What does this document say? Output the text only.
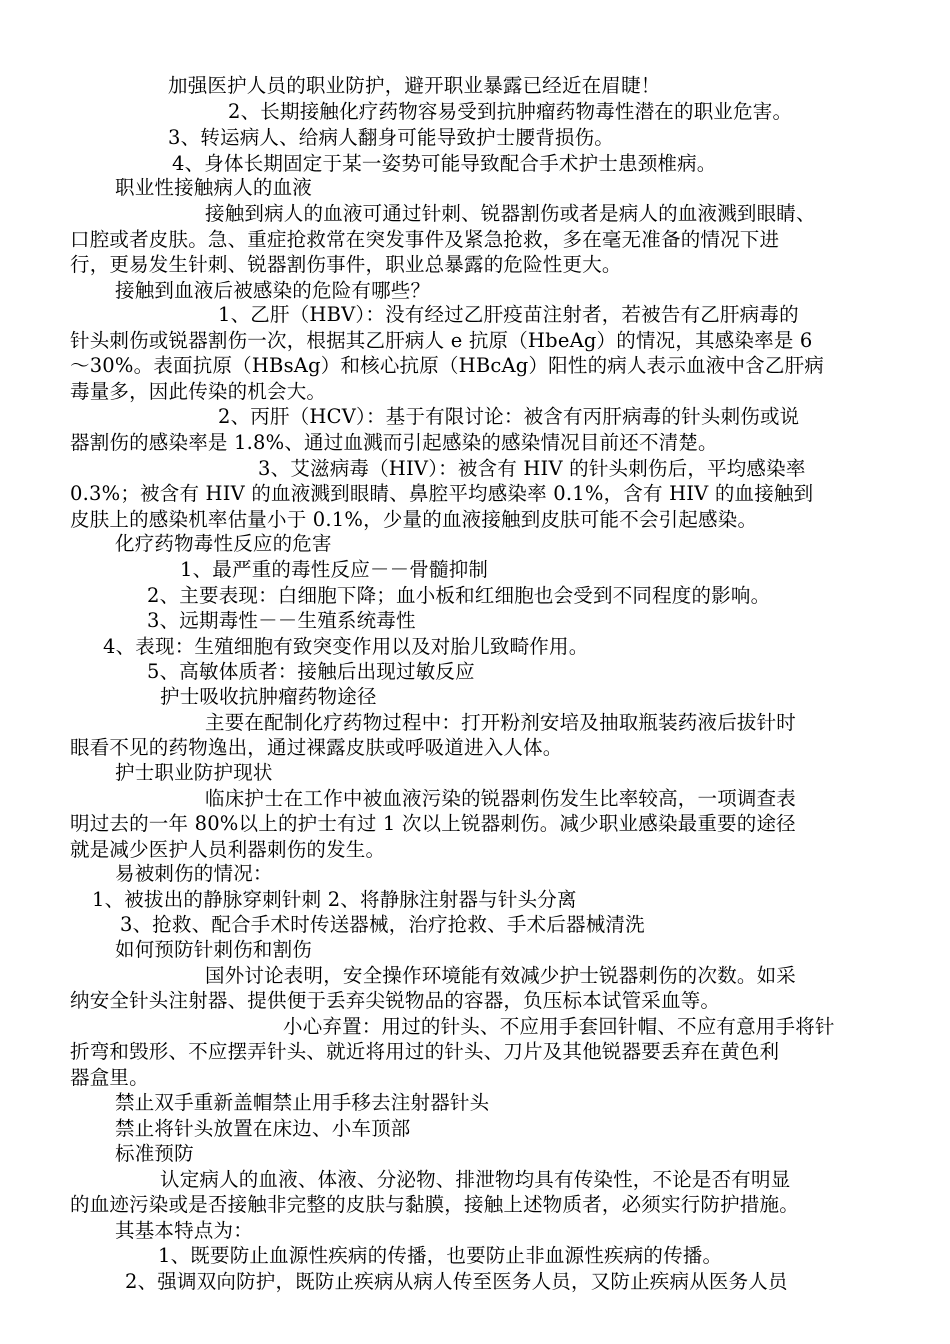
加强医护人员的职业防护，避开职业暴露已经近在眉睫！
2、长期接触化疗药物容易受到抗肿瘤药物毒性潜在的职业危害。
3、转运病人、给病人翻身可能导致护士腰背损伤。
4、身体长期固定于某一姿势可能导致配合手术护士患颈椎病。
职业性接触病人的血液
接触到病人的血液可通过针刺、锐器割伤或者是病人的血液溅到眼睛、
口腔或者皮肤。急、重症抢救常在突发事件及紧急抢救，多在毫无准备的情况下进
行，更易发生针刺、锐器割伤事件，职业总暴露的危险性更大。
接触到血液后被感染的危险有哪些？
1、乙肝（HBV）：没有经过乙肝疫苗注射者，若被告有乙肝病毒的
针头刺伤或锐器割伤一次，根据其乙肝病人 e 抗原（HbeAg）的情况，其感染率是 6
～30%。表面抗原（HBsAg）和核心抗原（HBcAg）阳性的病人表示血液中含乙肝病
毒量多，因此传染的机会大。
2、丙肝（HCV）：基于有限讨论：被含有丙肝病毒的针头刺伤或说
器割伤的感染率是 1.8%、通过血溅而引起感染的感染情况目前还不清楚。
3、艾滋病毒（HIV）：被含有 HIV 的针头刺伤后，平均感染率
0.3%；被含有 HIV 的血液溅到眼睛、鼻腔平均感染率 0.1%，含有 HIV 的血接触到
皮肤上的感染机率估量小于 0.1%，少量的血液接触到皮肤可能不会引起感染。
化疗药物毒性反应的危害
1、最严重的毒性反应－－骨髓抑制
2、主要表现：白细胞下降；血小板和红细胞也会受到不同程度的影响。
3、远期毒性－－生殖系统毒性
4、表现：生殖细胞有致突变作用以及对胎儿致畸作用。
5、高敏体质者：接触后出现过敏反应
护士吸收抗肿瘤药物途径
主要在配制化疗药物过程中：打开粉剂安培及抽取瓶装药液后拔针时
眼看不见的药物逸出，通过裸露皮肤或呼吸道进入人体。
护士职业防护现状
临床护士在工作中被血液污染的锐器刺伤发生比率较高，一项调查表
明过去的一年 80%以上的护士有过 1 次以上锐器刺伤。减少职业感染最重要的途径
就是减少医护人员利器刺伤的发生。
易被刺伤的情况：
1、被拔出的静脉穿刺针刺 2、将静脉注射器与针头分离
3、抢救、配合手术时传送器械，治疗抢救、手术后器械清洗
如何预防针刺伤和割伤
国外讨论表明，安全操作环境能有效减少护士锐器刺伤的次数。如采
纳安全针头注射器、提供便于丢弃尖锐物品的容器，负压标本试管采血等。
小心弃置：用过的针头、不应用手套回针帽、不应有意用手将针
折弯和毁形、不应摆弄针头、就近将用过的针头、刀片及其他锐器要丢弃在黄色利
器盒里。
禁止双手重新盖帽禁止用手移去注射器针头
禁止将针头放置在床边、小车顶部
标准预防
认定病人的血液、体液、分泌物、排泄物均具有传染性，不论是否有明显
的血迹污染或是否接触非完整的皮肤与黏膜，接触上述物质者，必须实行防护措施。
其基本特点为：
1、既要防止血源性疾病的传播，也要防止非血源性疾病的传播。
2、强调双向防护，既防止疾病从病人传至医务人员，又防止疾病从医务人员
